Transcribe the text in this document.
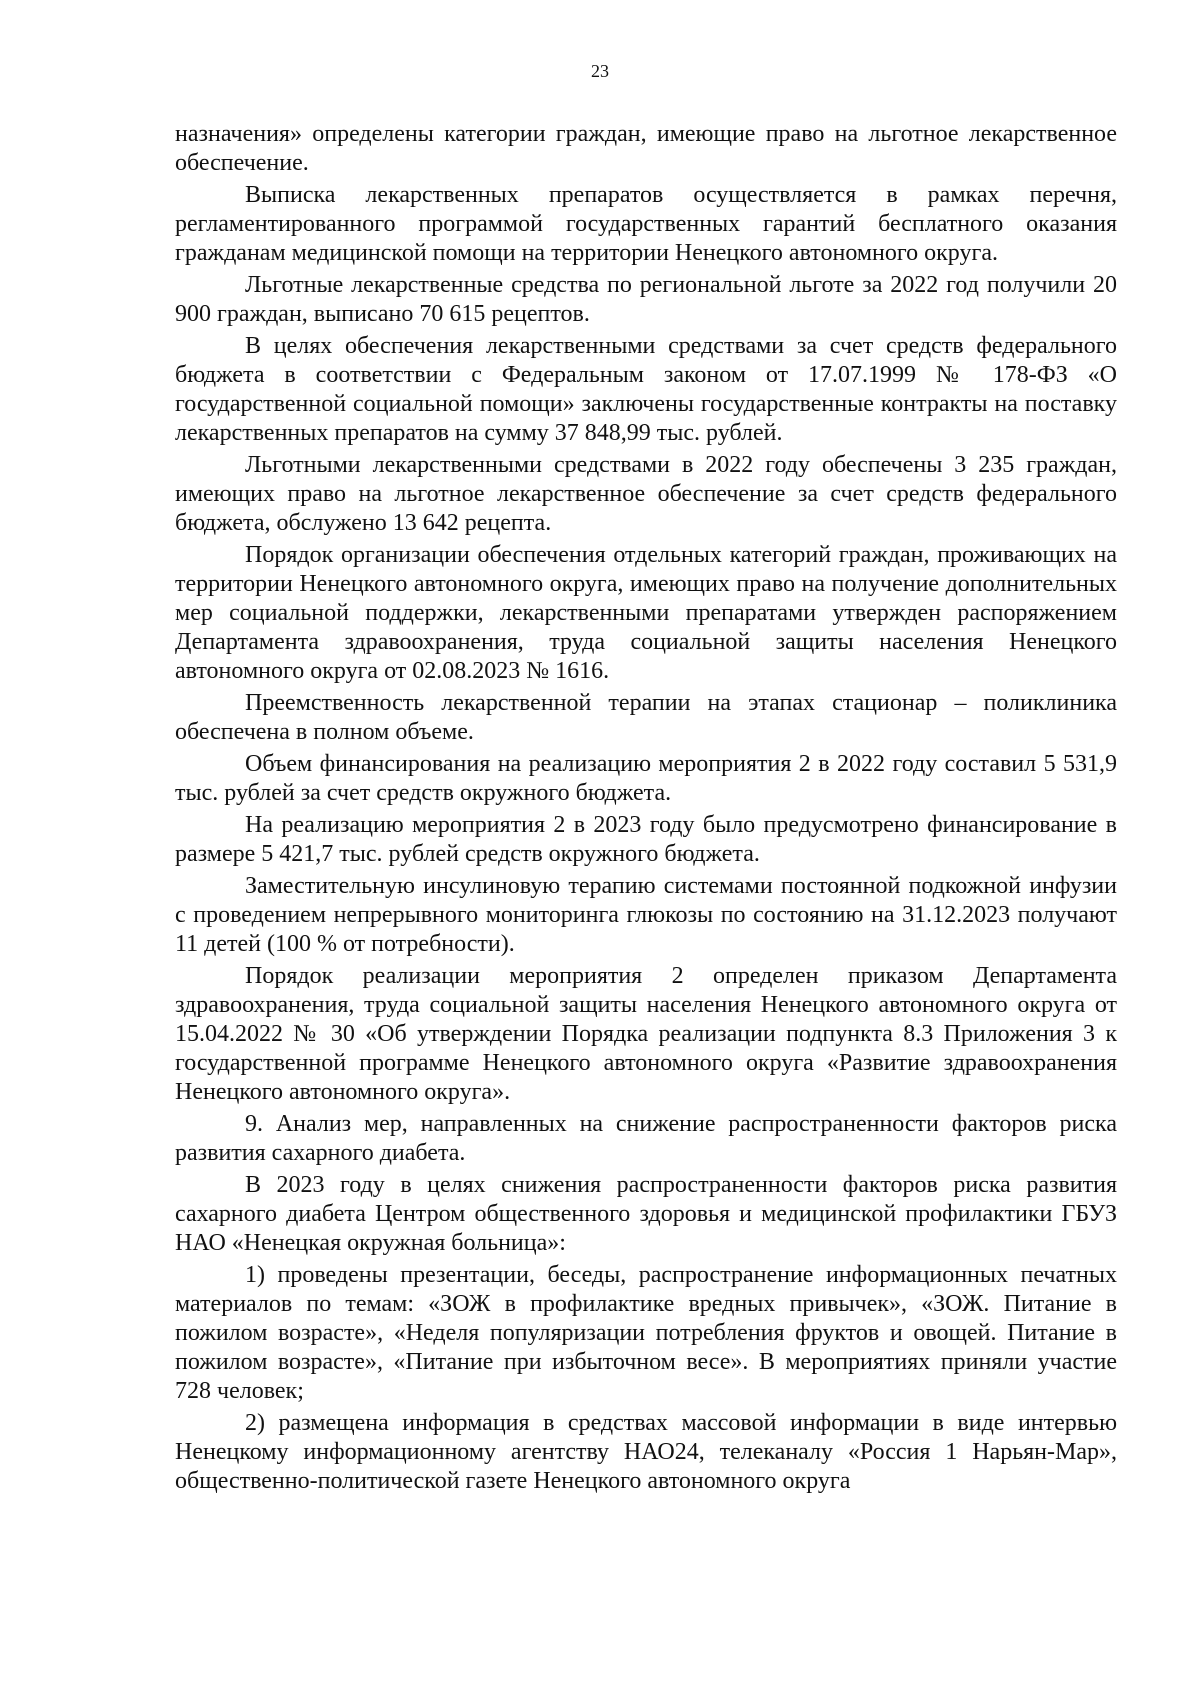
23

назначения» определены категории граждан, имеющие право на льготное лекарственное обеспечение.

Выписка лекарственных препаратов осуществляется в рамках перечня, регламентированного программой государственных гарантий бесплатного оказания гражданам медицинской помощи на территории Ненецкого автономного округа.

Льготные лекарственные средства по региональной льготе за 2022 год получили 20 900 граждан, выписано 70 615 рецептов.

В целях обеспечения лекарственными средствами за счет средств федерального бюджета в соответствии с Федеральным законом от 17.07.1999 № 178-ФЗ «О государственной социальной помощи» заключены государственные контракты на поставку лекарственных препаратов на сумму 37 848,99 тыс. рублей.

Льготными лекарственными средствами в 2022 году обеспечены 3 235 граждан, имеющих право на льготное лекарственное обеспечение за счет средств федерального бюджета, обслужено 13 642 рецепта.

Порядок организации обеспечения отдельных категорий граждан, проживающих на территории Ненецкого автономного округа, имеющих право на получение дополнительных мер социальной поддержки, лекарственными препаратами утвержден распоряжением Департамента здравоохранения, труда социальной защиты населения Ненецкого автономного округа от 02.08.2023 № 1616.

Преемственность лекарственной терапии на этапах стационар – поликлиника обеспечена в полном объеме.

Объем финансирования на реализацию мероприятия 2 в 2022 году составил 5 531,9 тыс. рублей за счет средств окружного бюджета.

На реализацию мероприятия 2 в 2023 году было предусмотрено финансирование в размере 5 421,7 тыс. рублей средств окружного бюджета.

Заместительную инсулиновую терапию системами постоянной подкожной инфузии с проведением непрерывного мониторинга глюкозы по состоянию на 31.12.2023 получают 11 детей (100 % от потребности).

Порядок реализации мероприятия 2 определен приказом Департамента здравоохранения, труда социальной защиты населения Ненецкого автономного округа от 15.04.2022 № 30 «Об утверждении Порядка реализации подпункта 8.3 Приложения 3 к государственной программе Ненецкого автономного округа «Развитие здравоохранения Ненецкого автономного округа».

9. Анализ мер, направленных на снижение распространенности факторов риска развития сахарного диабета.

В 2023 году в целях снижения распространенности факторов риска развития сахарного диабета Центром общественного здоровья и медицинской профилактики ГБУЗ НАО «Ненецкая окружная больница»:

1) проведены презентации, беседы, распространение информационных печатных материалов по темам: «ЗОЖ в профилактике вредных привычек», «ЗОЖ. Питание в пожилом возрасте», «Неделя популяризации потребления фруктов и овощей. Питание в пожилом возрасте», «Питание при избыточном весе». В мероприятиях приняли участие 728 человек;

2) размещена информация в средствах массовой информации в виде интервью Ненецкому информационному агентству НАО24, телеканалу «Россия 1 Нарьян-Мар», общественно-политической газете Ненецкого автономного округа
